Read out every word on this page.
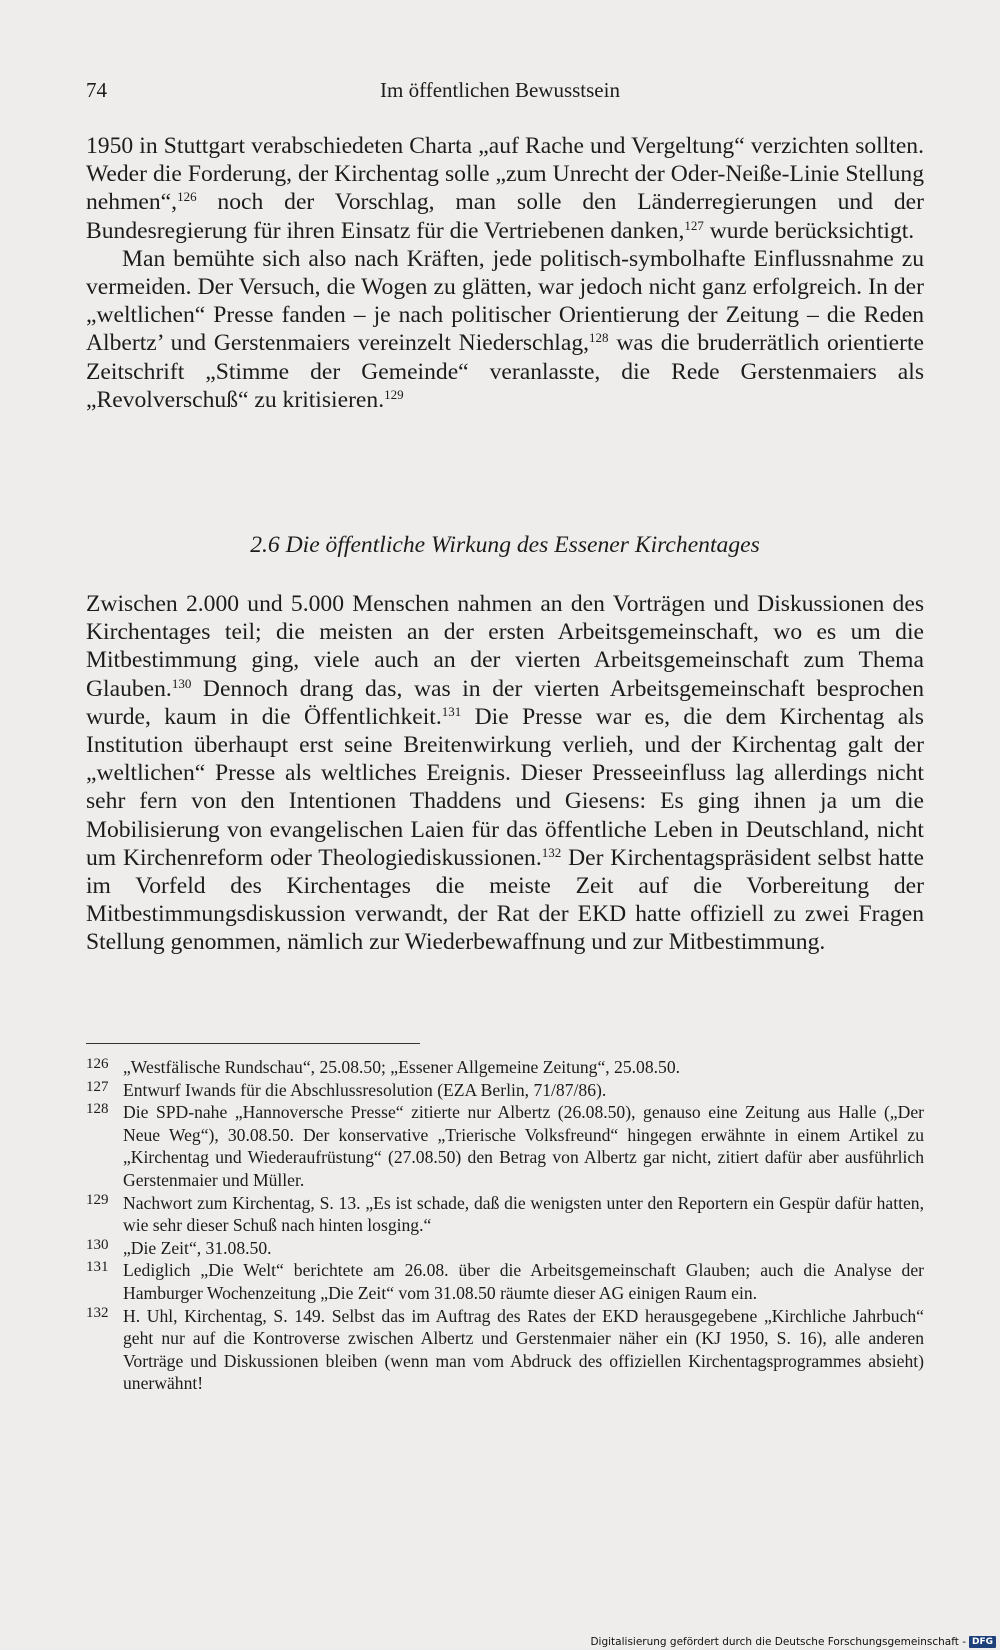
74	Im öffentlichen Bewusstsein

1950 in Stuttgart verabschiedeten Charta „auf Rache und Vergeltung“ verzichten sollten. Weder die Forderung, der Kirchentag solle „zum Unrecht der Oder-Neiße-Linie Stellung nehmen“,$^{126}$ noch der Vorschlag, man solle den Länderregierungen und der Bundesregierung für ihren Einsatz für die Vertriebenen danken,$^{127}$ wurde berücksichtigt.

Man bemühte sich also nach Kräften, jede politisch-symbolhafte Einflussnahme zu vermeiden. Der Versuch, die Wogen zu glätten, war jedoch nicht ganz erfolgreich. In der „weltlichen“ Presse fanden – je nach politischer Orientierung der Zeitung – die Reden Albertz’ und Gerstenmaiers vereinzelt Niederschlag,$^{128}$ was die bruderrätlich orientierte Zeitschrift „Stimme der Gemeinde“ veranlasste, die Rede Gerstenmaiers als „Revolverschuß“ zu kritisieren.$^{129}$

2.6 Die öffentliche Wirkung des Essener Kirchentages

Zwischen 2.000 und 5.000 Menschen nahmen an den Vorträgen und Diskussionen des Kirchentages teil; die meisten an der ersten Arbeitsgemeinschaft, wo es um die Mitbestimmung ging, viele auch an der vierten Arbeitsgemeinschaft zum Thema Glauben.$^{130}$ Dennoch drang das, was in der vierten Arbeitsgemeinschaft besprochen wurde, kaum in die Öffentlichkeit.$^{131}$ Die Presse war es, die dem Kirchentag als Institution überhaupt erst seine Breitenwirkung verlieh, und der Kirchentag galt der „weltlichen“ Presse als weltliches Ereignis. Dieser Presseeinfluss lag allerdings nicht sehr fern von den Intentionen Thaddens und Giesens: Es ging ihnen ja um die Mobilisierung von evangelischen Laien für das öffentliche Leben in Deutschland, nicht um Kirchenreform oder Theologiediskussionen.$^{132}$ Der Kirchentagspräsident selbst hatte im Vorfeld des Kirchentages die meiste Zeit auf die Vorbereitung der Mitbestimmungsdiskussion verwandt, der Rat der EKD hatte offiziell zu zwei Fragen Stellung genommen, nämlich zur Wiederbewaffnung und zur Mitbestimmung.

126 „Westfälische Rundschau“, 25.08.50; „Essener Allgemeine Zeitung“, 25.08.50.
127 Entwurf Iwands für die Abschlussresolution (EZA Berlin, 71/87/86).
128 Die SPD-nahe „Hannoversche Presse“ zitierte nur Albertz (26.08.50), genauso eine Zeitung aus Halle („Der Neue Weg“), 30.08.50. Der konservative „Trierische Volksfreund“ hingegen erwähnte in einem Artikel zu „Kirchentag und Wiederaufrüstung“ (27.08.50) den Betrag von Albertz gar nicht, zitiert dafür aber ausführlich Gerstenmaier und Müller.
129 Nachwort zum Kirchentag, S. 13. „Es ist schade, daß die wenigsten unter den Reportern ein Gespür dafür hatten, wie sehr dieser Schuß nach hinten losging.“
130 „Die Zeit“, 31.08.50.
131 Lediglich „Die Welt“ berichtete am 26.08. über die Arbeitsgemeinschaft Glauben; auch die Analyse der Hamburger Wochenzeitung „Die Zeit“ vom 31.08.50 räumte dieser AG einigen Raum ein.
132 H. Uhl, Kirchentag, S. 149. Selbst das im Auftrag des Rates der EKD herausgegebene „Kirchliche Jahrbuch“ geht nur auf die Kontroverse zwischen Albertz und Gerstenmaier näher ein (KJ 1950, S. 16), alle anderen Vorträge und Diskussionen bleiben (wenn man vom Abdruck des offiziellen Kirchentagsprogrammes absieht) unerwähnt!
Digitalisierung gefördert durch die Deutsche Forschungsgemeinschaft - DFG
